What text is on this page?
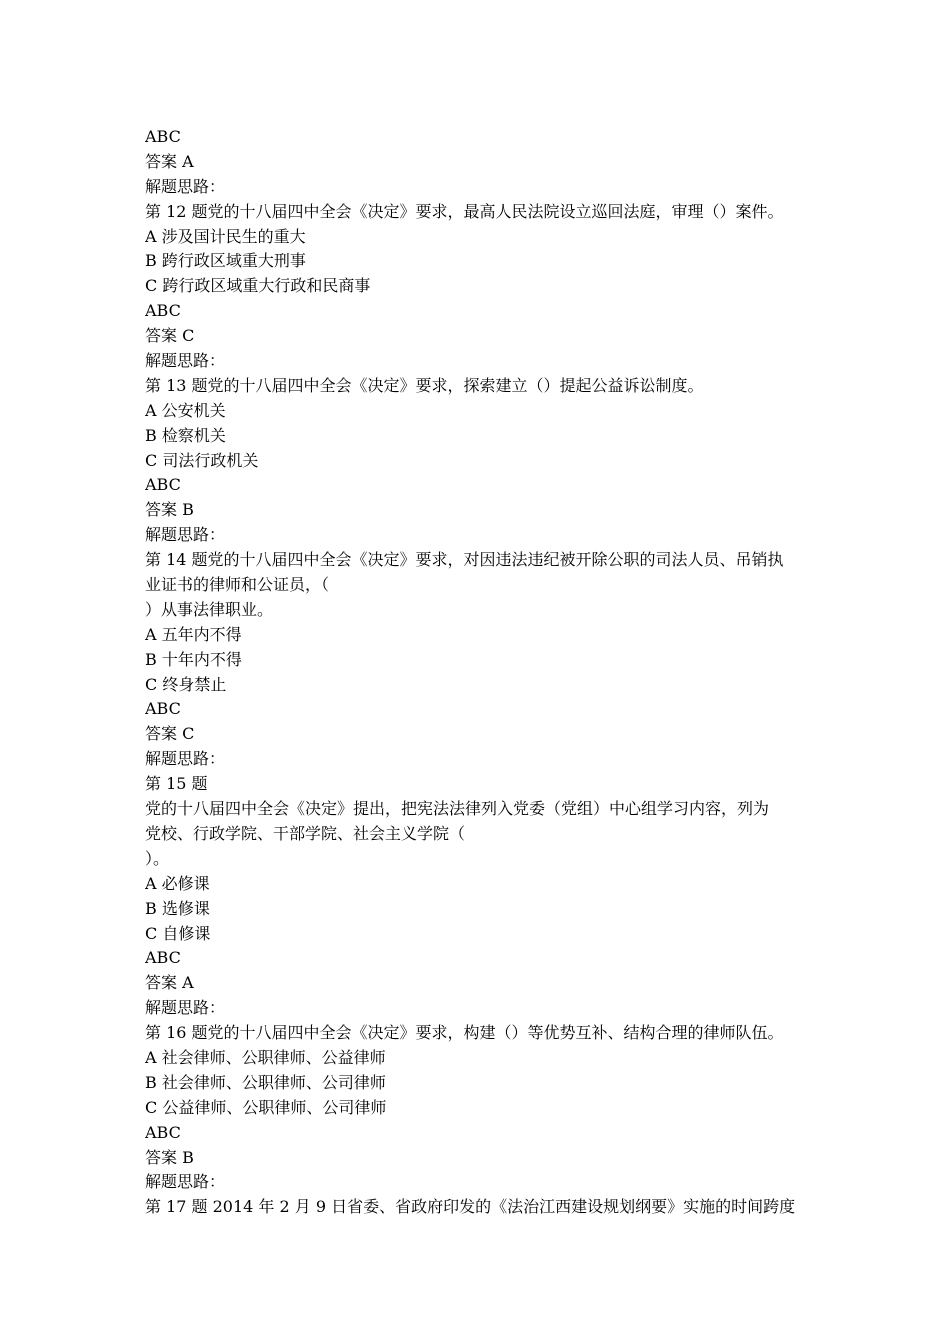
ABC
答案 A
解题思路：
第 12 题党的十八届四中全会《决定》要求，最高人民法院设立巡回法庭，审理（）案件。
A 涉及国计民生的重大
B 跨行政区域重大刑事
C 跨行政区域重大行政和民商事
ABC
答案 C
解题思路：
第 13 题党的十八届四中全会《决定》要求，探索建立（）提起公益诉讼制度。
A 公安机关
B 检察机关
C 司法行政机关
ABC
答案 B
解题思路：
第 14 题党的十八届四中全会《决定》要求，对因违法违纪被开除公职的司法人员、吊销执
业证书的律师和公证员，（
）从事法律职业。
A 五年内不得
B 十年内不得
C 终身禁止
ABC
答案 C
解题思路：
第 15 题
党的十八届四中全会《决定》提出，把宪法法律列入党委（党组）中心组学习内容，列为
党校、行政学院、干部学院、社会主义学院（
）。
A 必修课
B 选修课
C 自修课
ABC
答案 A
解题思路：
第 16 题党的十八届四中全会《决定》要求，构建（）等优势互补、结构合理的律师队伍。
A 社会律师、公职律师、公益律师
B 社会律师、公职律师、公司律师
C 公益律师、公职律师、公司律师
ABC
答案 B
解题思路：
第 17 题 2014 年 2 月 9 日省委、省政府印发的《法治江西建设规划纲要》实施的时间跨度
